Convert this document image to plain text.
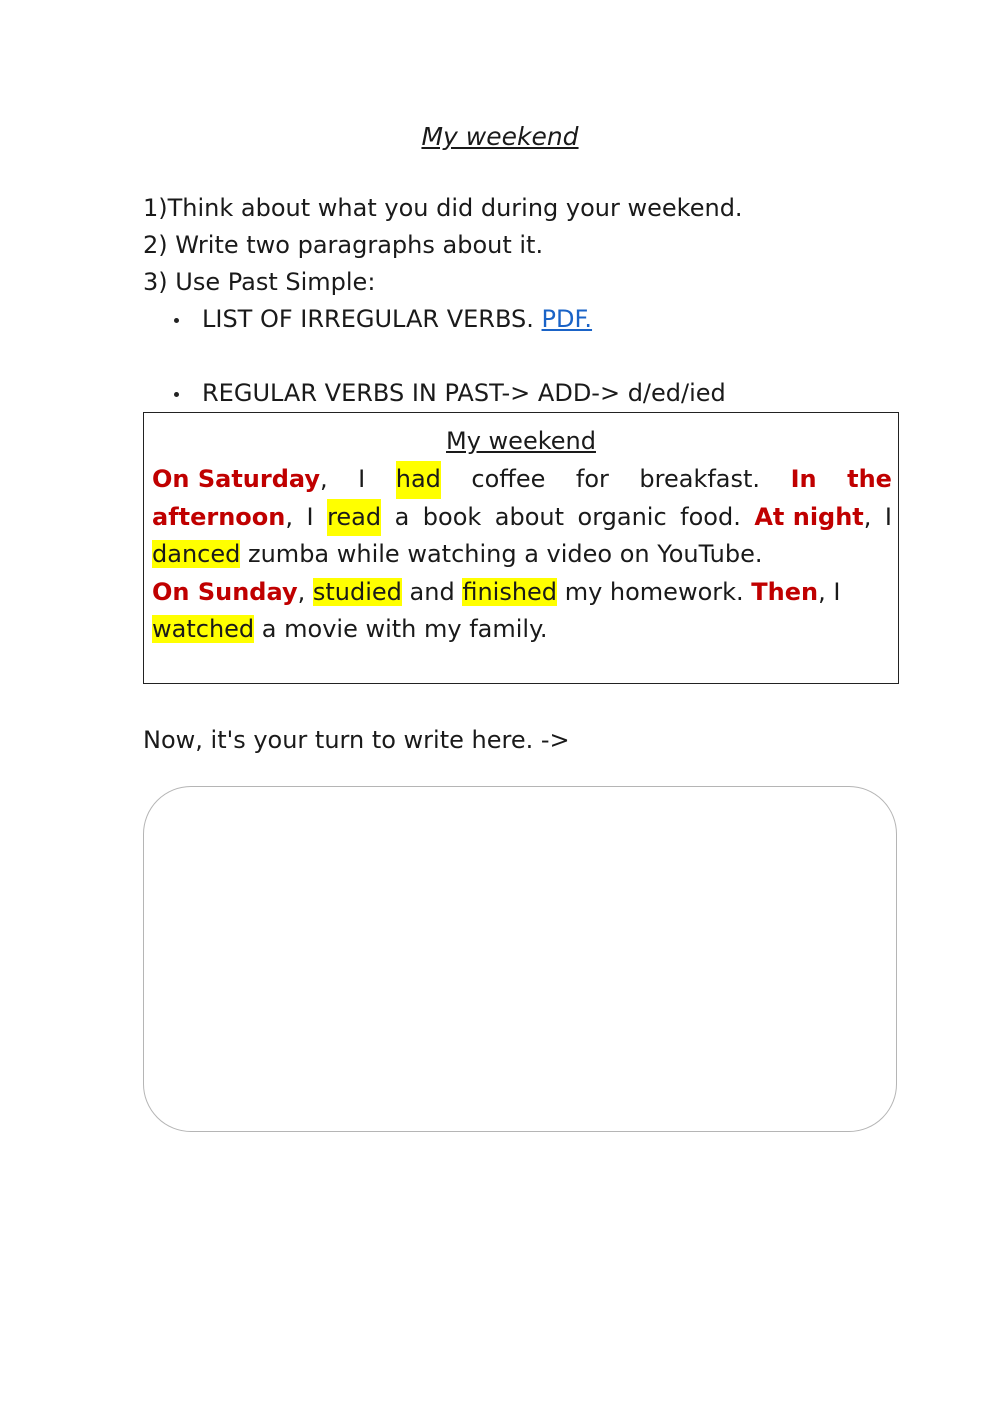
My weekend
1)Think about what you did during your weekend.
2) Write two paragraphs about it.
3) Use Past Simple:
LIST OF IRREGULAR VERBS. PDF.
REGULAR VERBS IN PAST-> ADD-> d/ed/ied
My weekend
On Saturday, I had coffee for breakfast. In the
afternoon, I read a book about organic food. At night, I
danced zumba while watching a video on YouTube.
On Sunday, studied and finished my homework. Then, I
watched a movie with my family.
Now, it's your turn to write here. ->
